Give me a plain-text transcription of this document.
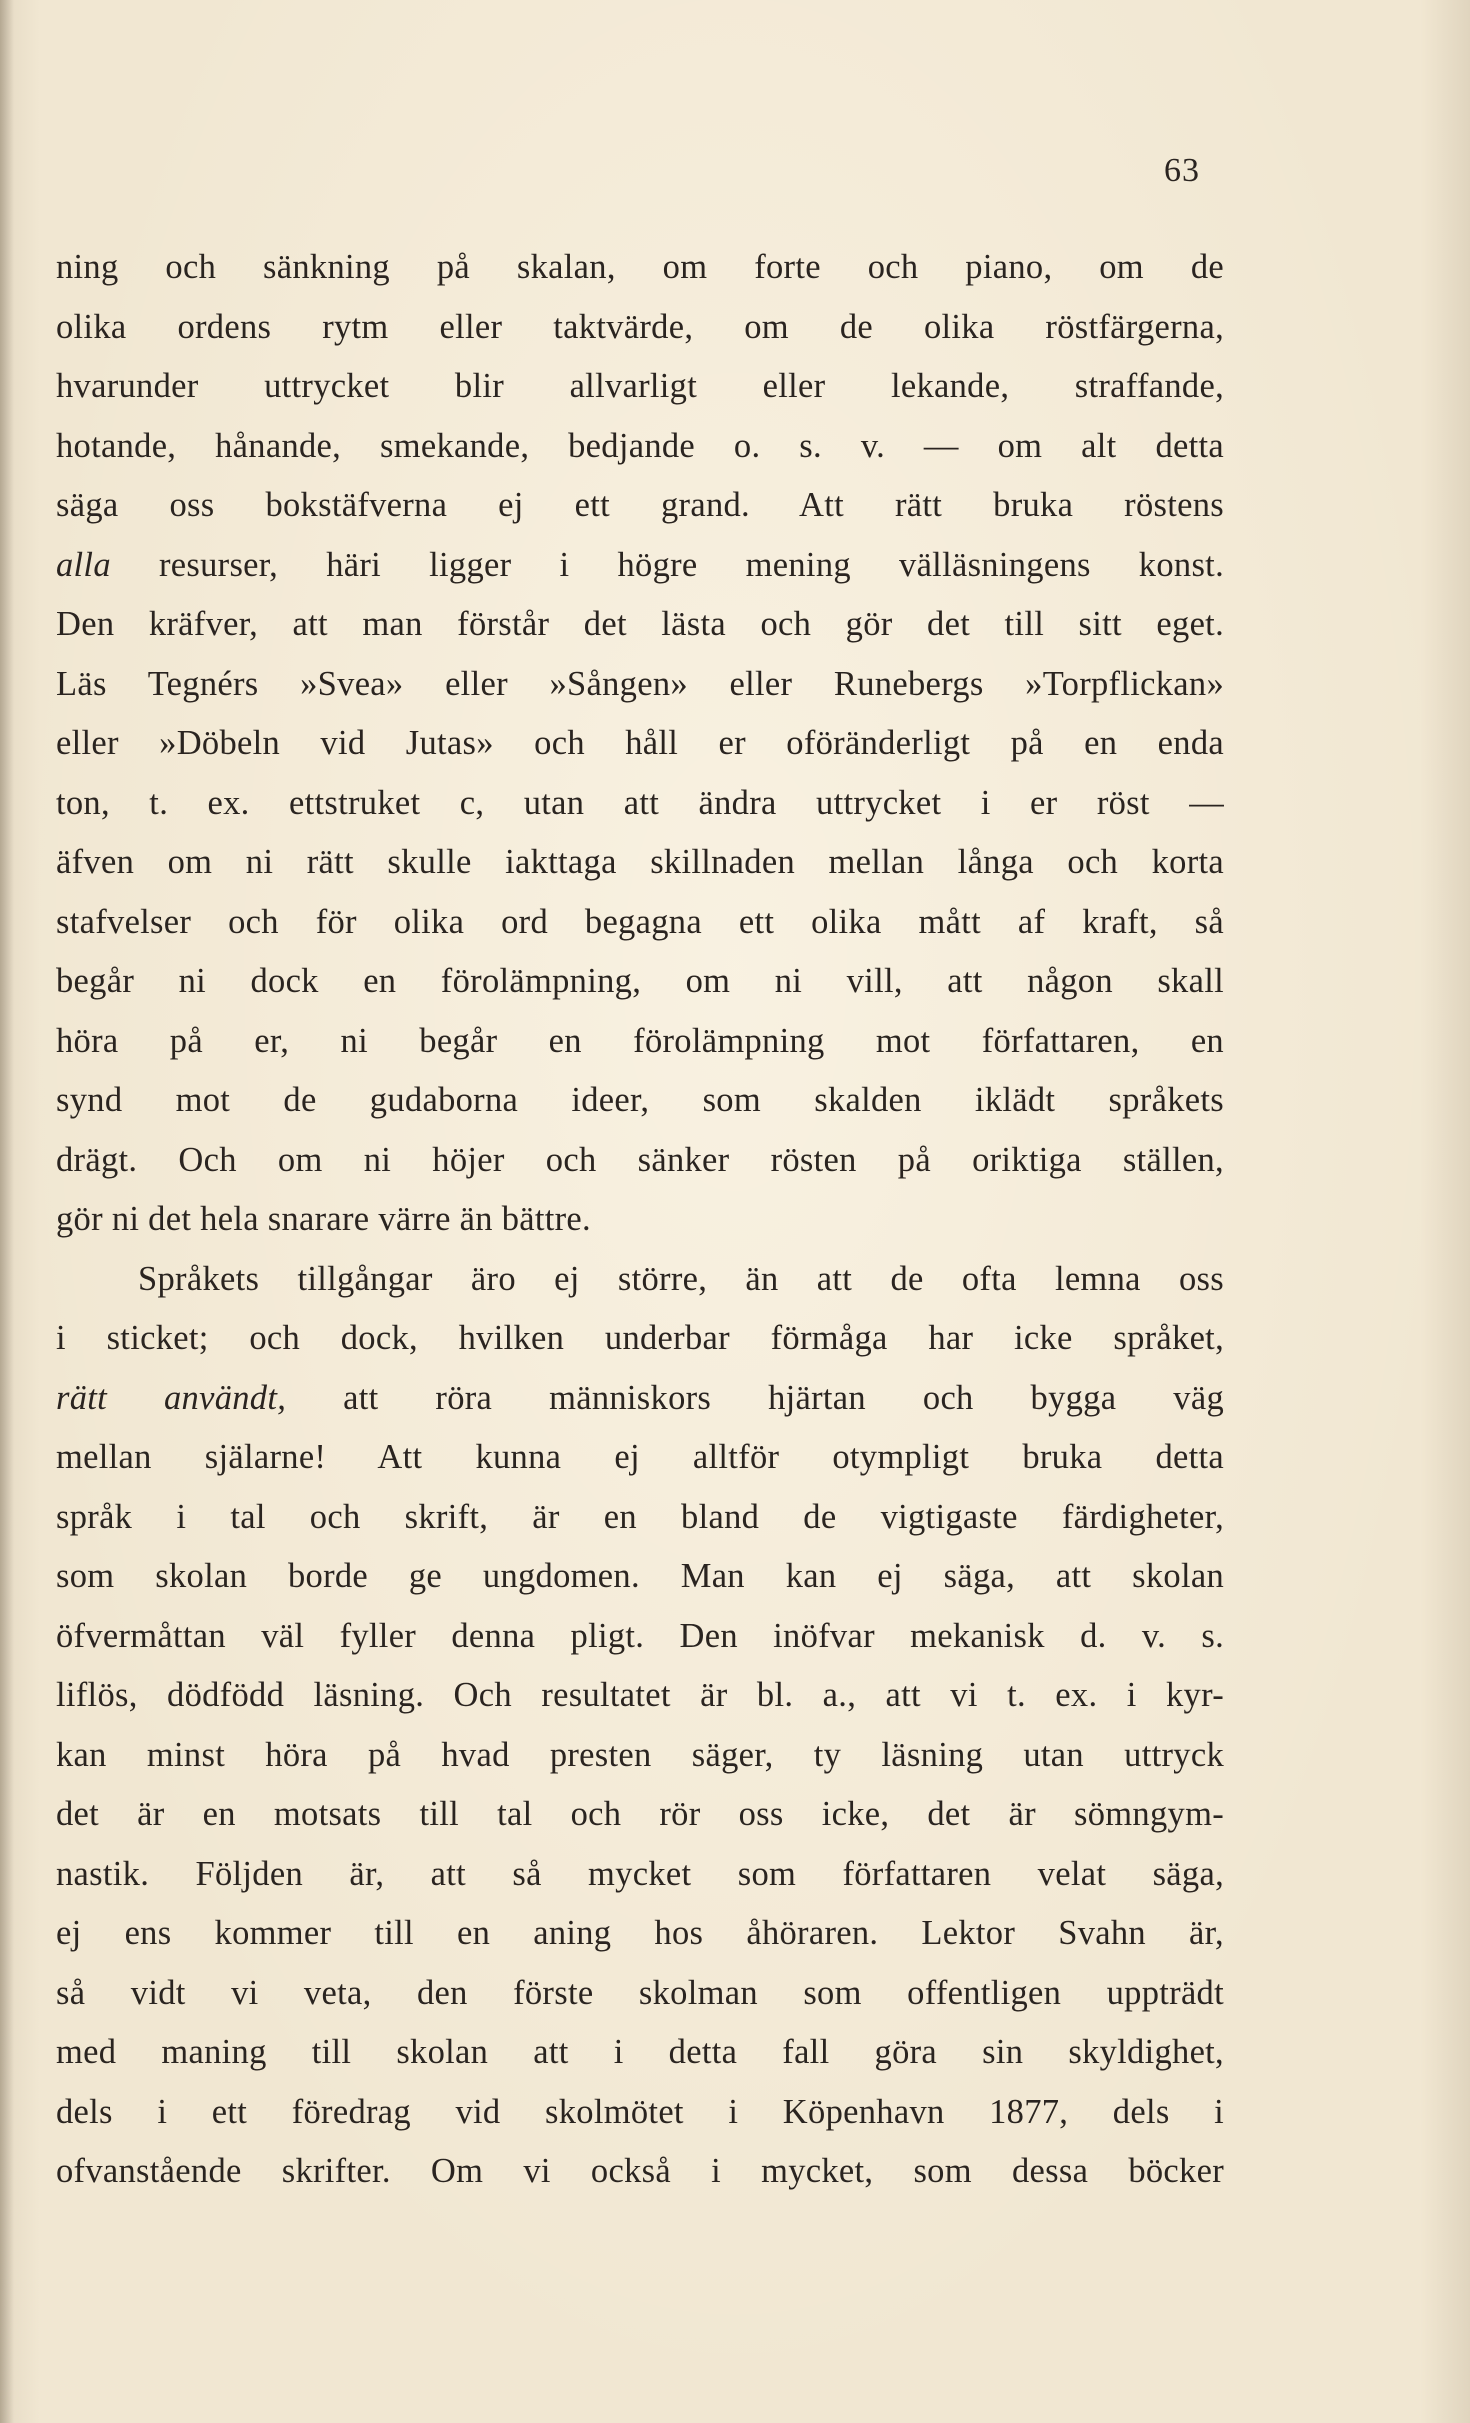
63
ning och sänkning på skalan, om forte och piano, om de
olika ordens rytm eller taktvärde, om de olika röstfärgerna,
hvarunder uttrycket blir allvarligt eller lekande, straffande,
hotande, hånande, smekande, bedjande o. s. v. — om alt detta
säga oss bokstäfverna ej ett grand. Att rätt bruka röstens
alla resurser, häri ligger i högre mening välläsningens konst.
Den kräfver, att man förstår det lästa och gör det till sitt eget.
Läs Tegnérs »Svea» eller »Sången» eller Runebergs »Torpflickan»
eller »Döbeln vid Jutas» och håll er oföränderligt på en enda
ton, t. ex. ettstruket c, utan att ändra uttrycket i er röst —
äfven om ni rätt skulle iakttaga skillnaden mellan långa och korta
stafvelser och för olika ord begagna ett olika mått af kraft, så
begår ni dock en förolämpning, om ni vill, att någon skall
höra på er, ni begår en förolämpning mot författaren, en
synd mot de gudaborna ideer, som skalden iklädt språkets
drägt. Och om ni höjer och sänker rösten på oriktiga ställen,
gör ni det hela snarare värre än bättre.
Språkets tillgångar äro ej större, än att de ofta lemna oss
i sticket; och dock, hvilken underbar förmåga har icke språket,
rätt användt, att röra människors hjärtan och bygga väg
mellan själarne! Att kunna ej alltför otympligt bruka detta
språk i tal och skrift, är en bland de vigtigaste färdigheter,
som skolan borde ge ungdomen. Man kan ej säga, att skolan
öfvermåttan väl fyller denna pligt. Den inöfvar mekanisk d. v. s.
liflös, dödfödd läsning. Och resultatet är bl. a., att vi t. ex. i kyr-
kan minst höra på hvad presten säger, ty läsning utan uttryck
det är en motsats till tal och rör oss icke, det är sömngym-
nastik. Följden är, att så mycket som författaren velat säga,
ej ens kommer till en aning hos åhöraren. Lektor Svahn är,
så vidt vi veta, den förste skolman som offentligen uppträdt
med maning till skolan att i detta fall göra sin skyldighet,
dels i ett föredrag vid skolmötet i Köpenhavn 1877, dels i
ofvanstående skrifter. Om vi också i mycket, som dessa böcker
